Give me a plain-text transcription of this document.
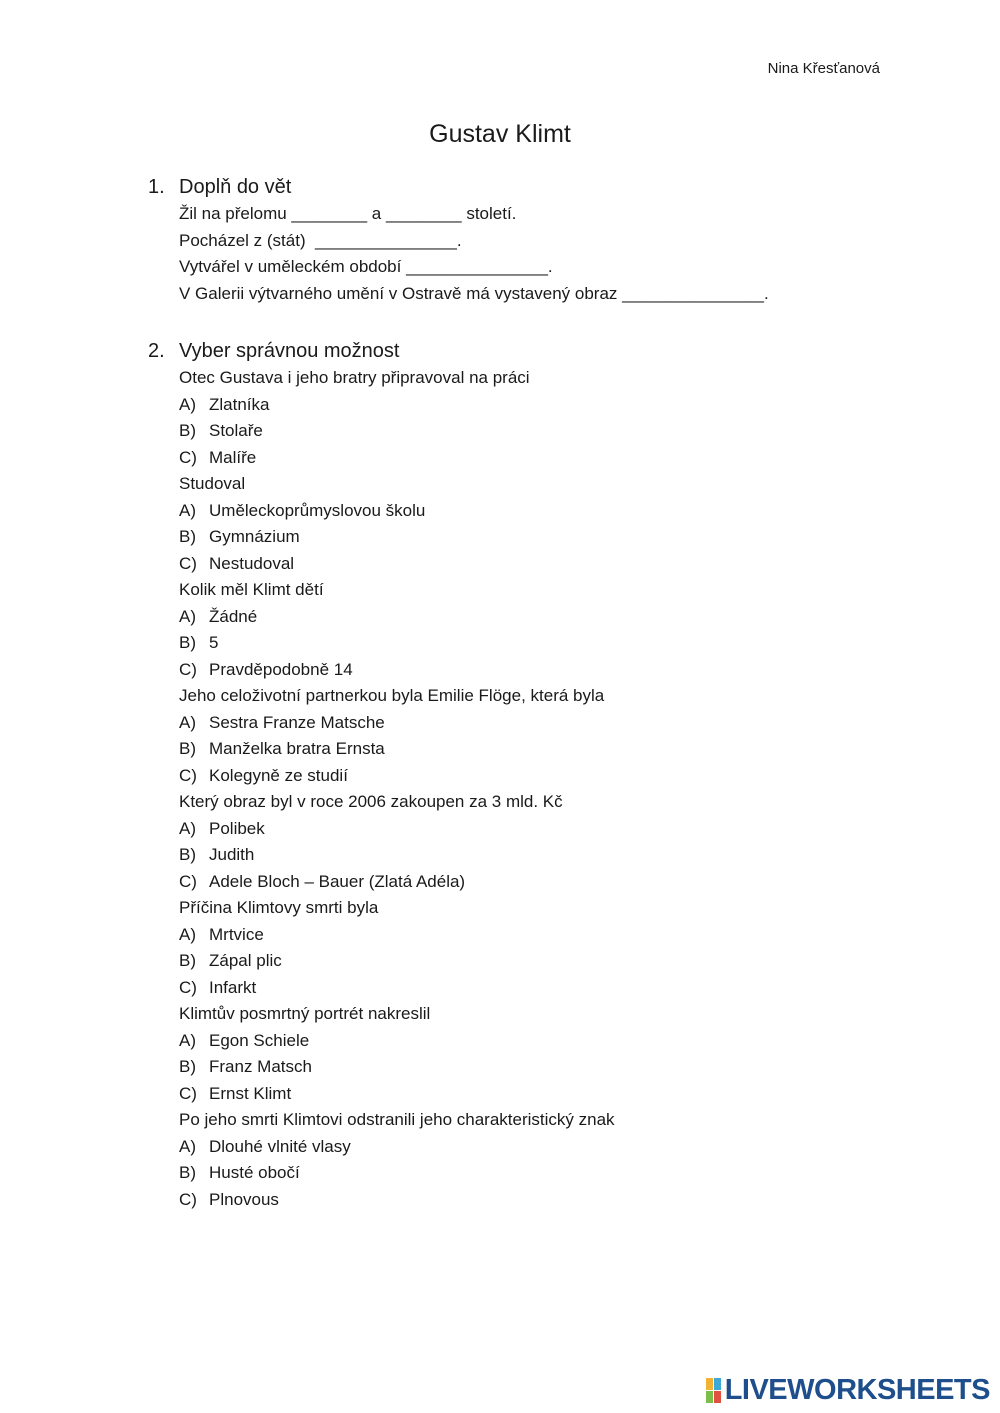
Nina Křesťanová
Gustav Klimt
1. Doplň do vět
Žil na přelomu ________ a ________ století.
Pocházel z (stát)  _______________.
Vytvářel v uměleckém období _______________.
V Galerii výtvarného umění v Ostravě má vystavený obraz _______________.
2. Vyber správnou možnost
Otec Gustava i jeho bratry připravoval na práci
A) Zlatníka
B) Stolaře
C) Malíře
Studoval
A) Uměleckoprůmyslovou školu
B) Gymnázium
C) Nestudoval
Kolik měl Klimt dětí
A) Žádné
B) 5
C) Pravděpodobně 14
Jeho celoživotní partnerkou byla Emilie Flöge, která byla
A) Sestra Franze Matsche
B) Manželka bratra Ernsta
C) Kolegyně ze studií
Který obraz byl v roce 2006 zakoupen za 3 mld. Kč
A) Polibek
B) Judith
C) Adele Bloch – Bauer (Zlatá Adéla)
Příčina Klimtovy smrti byla
A) Mrtvice
B) Zápal plic
C) Infarkt
Klimtův posmrtný portrét nakreslil
A) Egon Schiele
B) Franz Matsch
C) Ernst Klimt
Po jeho smrti Klimtovi odstranili jeho charakteristický znak
A) Dlouhé vlnité vlasy
B) Husté obočí
C) Plnovous
LIVEWORKSHEETS
